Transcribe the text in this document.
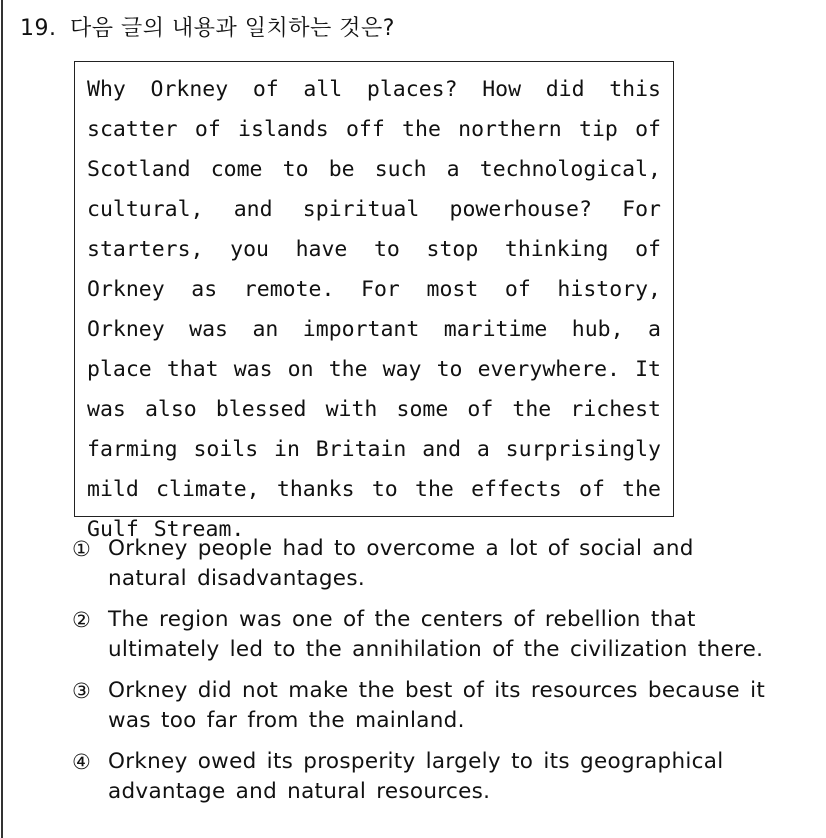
19. 다음 글의 내용과 일치하는 것은?
Why Orkney of all places? How did this scatter of islands off the northern tip of Scotland come to be such a technological, cultural, and spiritual powerhouse? For starters, you have to stop thinking of Orkney as remote. For most of history, Orkney was an important maritime hub, a place that was on the way to everywhere. It was also blessed with some of the richest farming soils in Britain and a surprisingly mild climate, thanks to the effects of the Gulf Stream.
① Orkney people had to overcome a lot of social and natural disadvantages.
② The region was one of the centers of rebellion that ultimately led to the annihilation of the civilization there.
③ Orkney did not make the best of its resources because it was too far from the mainland.
④ Orkney owed its prosperity largely to its geographical advantage and natural resources.
